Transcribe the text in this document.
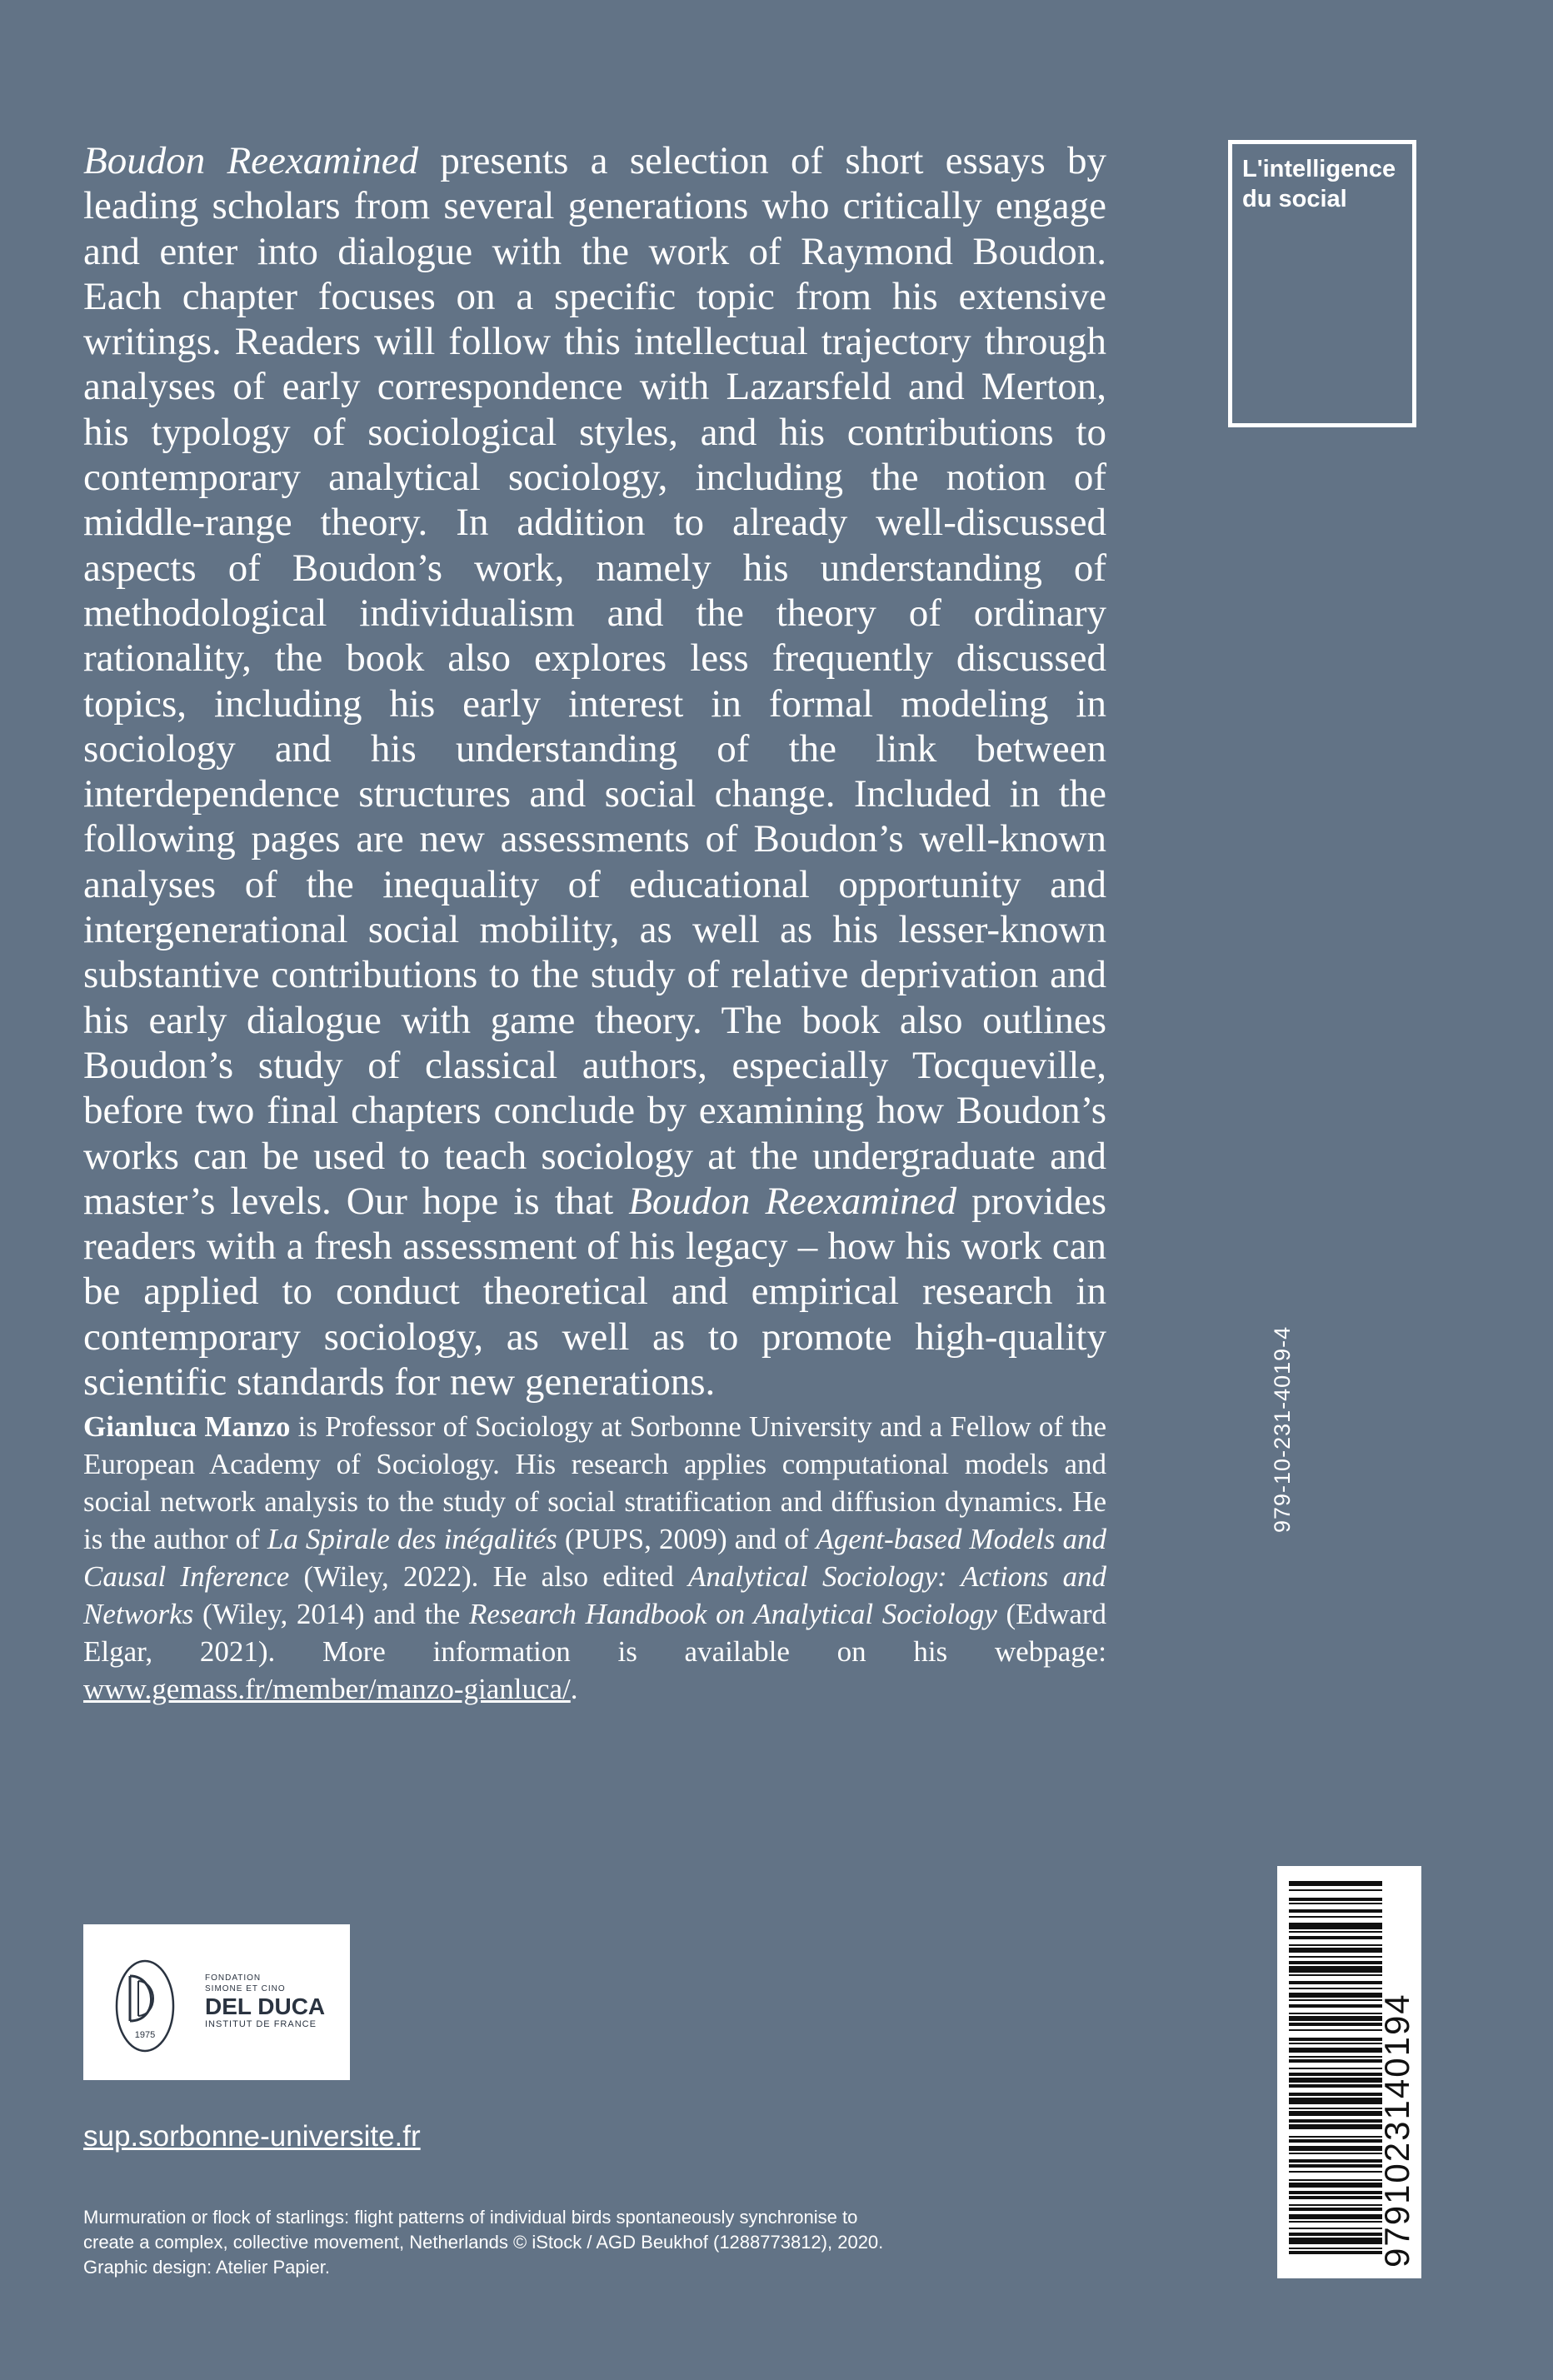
Boudon Reexamined presents a selection of short essays by leading scholars from several generations who critically engage and enter into dialogue with the work of Raymond Boudon. Each chapter focuses on a specific topic from his extensive writings. Readers will follow this intellectual trajectory through analyses of early correspondence with Lazarsfeld and Merton, his typology of sociological styles, and his contributions to contemporary analytical sociology, including the notion of middle-range theory. In addition to already well-discussed aspects of Boudon’s work, namely his understanding of methodological individualism and the theory of ordinary rationality, the book also explores less frequently discussed topics, including his early interest in formal modeling in sociology and his understanding of the link between interdependence structures and social change. Included in the following pages are new assessments of Boudon’s well-known analyses of the inequality of educational opportunity and intergenerational social mobility, as well as his lesser-known substantive contributions to the study of relative deprivation and his early dialogue with game theory. The book also outlines Boudon’s study of classical authors, especially Tocqueville, before two final chapters conclude by examining how Boudon’s works can be used to teach sociology at the undergraduate and master’s levels. Our hope is that Boudon Reexamined provides readers with a fresh assessment of his legacy – how his work can be applied to conduct theoretical and empirical research in contemporary sociology, as well as to promote high-quality scientific standards for new generations.

Gianluca Manzo is Professor of Sociology at Sorbonne University and a Fellow of the European Academy of Sociology. His research applies computational models and social network analysis to the study of social stratification and diffusion dynamics. He is the author of La Spirale des inégalités (PUPS, 2009) and of Agent-based Models and Causal Inference (Wiley, 2022). He also edited Analytical Sociology: Actions and Networks (Wiley, 2014) and the Research Handbook on Analytical Sociology (Edward Elgar, 2021). More information is available on his webpage: www.gemass.fr/member/manzo-gianluca/.

L'intelligence
du social

979-10-231-4019-4
9791023140194
1975
FONDATION
SIMONE ET CINO
DEL DUCA
INSTITUT DE FRANCE
sup.sorbonne-universite.fr

Murmuration or flock of starlings: flight patterns of individual birds spontaneously synchronise to
create a complex, collective movement, Netherlands © iStock / AGD Beukhof (1288773812), 2020.
Graphic design: Atelier Papier.
